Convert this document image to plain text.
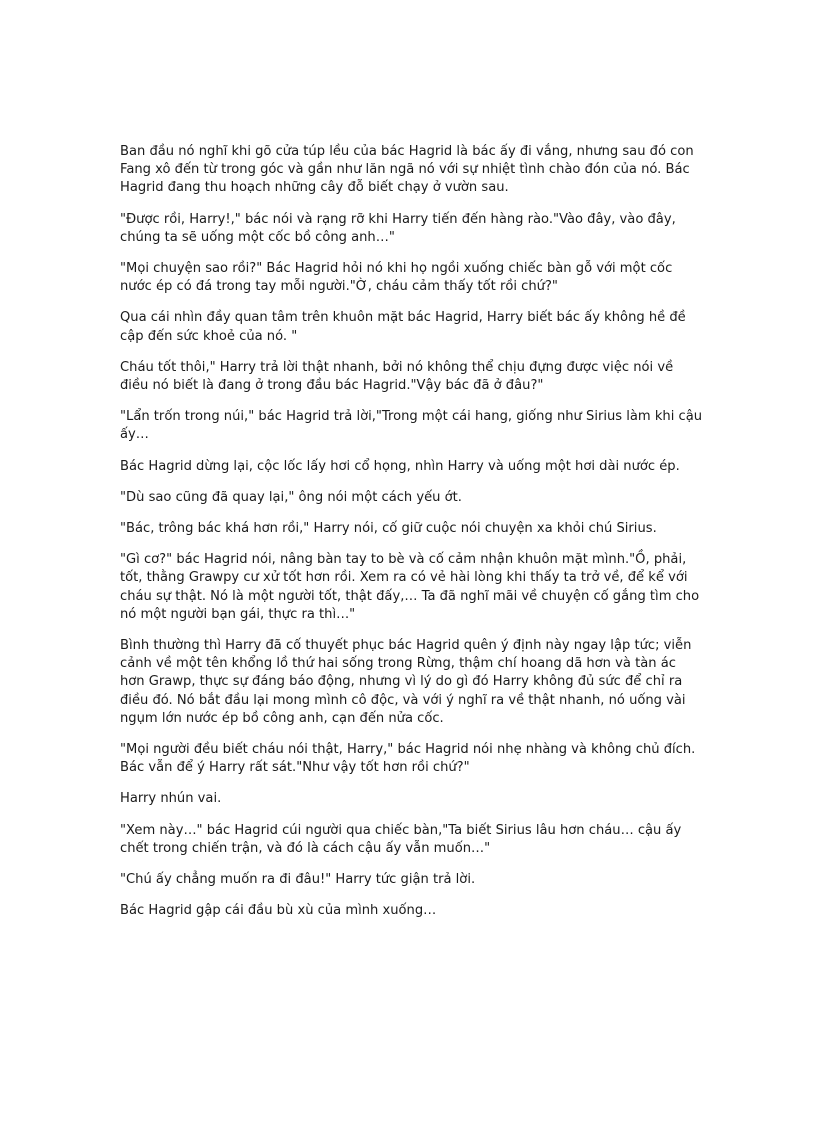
Ban đầu nó nghĩ khi gõ cửa túp lều của bác Hagrid là bác ấy đi vắng, nhưng sau đó con Fang xô đến từ trong góc và gần như lăn ngã nó với sự nhiệt tình chào đón của nó. Bác Hagrid đang thu hoạch những cây đỗ biết chạy ở vườn sau.

"Được rồi, Harry!," bác nói và rạng rỡ khi Harry tiến đến hàng rào."Vào đây, vào đây, chúng ta sẽ uống một cốc bồ công anh…"

"Mọi chuyện sao rồi?" Bác Hagrid hỏi nó khi họ ngồi xuống chiếc bàn gỗ với một cốc nước ép có đá trong tay mỗi người."Ờ, cháu cảm thấy tốt rồi chứ?"

Qua cái nhìn đầy quan tâm trên khuôn mặt bác Hagrid, Harry biết bác ấy không hề đề cập đến sức khoẻ của nó. "

Cháu tốt thôi," Harry trả lời thật nhanh, bởi nó không thể chịu đựng được việc nói về điều nó biết là đang ở trong đầu bác Hagrid."Vậy bác đã ở đâu?"

"Lẩn trốn trong núi," bác Hagrid trả lời,"Trong một cái hang, giống như Sirius làm khi cậu ấy…

Bác Hagrid dừng lại, cộc lốc lấy hơi cổ họng, nhìn Harry và uống một hơi dài nước ép.

"Dù sao cũng đã quay lại," ông nói một cách yếu ớt.

"Bác, trông bác khá hơn rồi," Harry nói, cố giữ cuộc nói chuyện xa khỏi chú Sirius.

"Gì cơ?" bác Hagrid nói, nâng bàn tay to bè và cố cảm nhận khuôn mặt mình."Ồ, phải, tốt, thằng Grawpy cư xử tốt hơn rồi. Xem ra có vẻ hài lòng khi thấy ta trở về, để kể với cháu sự thật. Nó là một người tốt, thật đấy,… Ta đã nghĩ mãi về chuyện cố gắng tìm cho nó một người bạn gái, thực ra thì…"

Bình thường thì Harry đã cố thuyết phục bác Hagrid quên ý định này ngay lập tức; viễn cảnh về một tên khổng lồ thứ hai sống trong Rừng, thậm chí hoang dã hơn và tàn ác hơn Grawp, thực sự đáng báo động, nhưng vì lý do gì đó Harry không đủ sức để chỉ ra điều đó. Nó bắt đầu lại mong mình cô độc, và với ý nghĩ ra về thật nhanh, nó uống vài ngụm lớn nước ép bồ công anh, cạn đến nửa cốc.

"Mọi người đều biết cháu nói thật, Harry," bác Hagrid nói nhẹ nhàng và không chủ đích. Bác vẫn để ý Harry rất sát."Như vậy tốt hơn rồi chứ?"

Harry nhún vai.

"Xem này…" bác Hagrid cúi người qua chiếc bàn,"Ta biết Sirius lâu hơn cháu… cậu ấy chết trong chiến trận, và đó là cách cậu ấy vẫn muốn…"

"Chú ấy chẳng muốn ra đi đâu!" Harry tức giận trả lời.

Bác Hagrid gập cái đầu bù xù của mình xuống…
